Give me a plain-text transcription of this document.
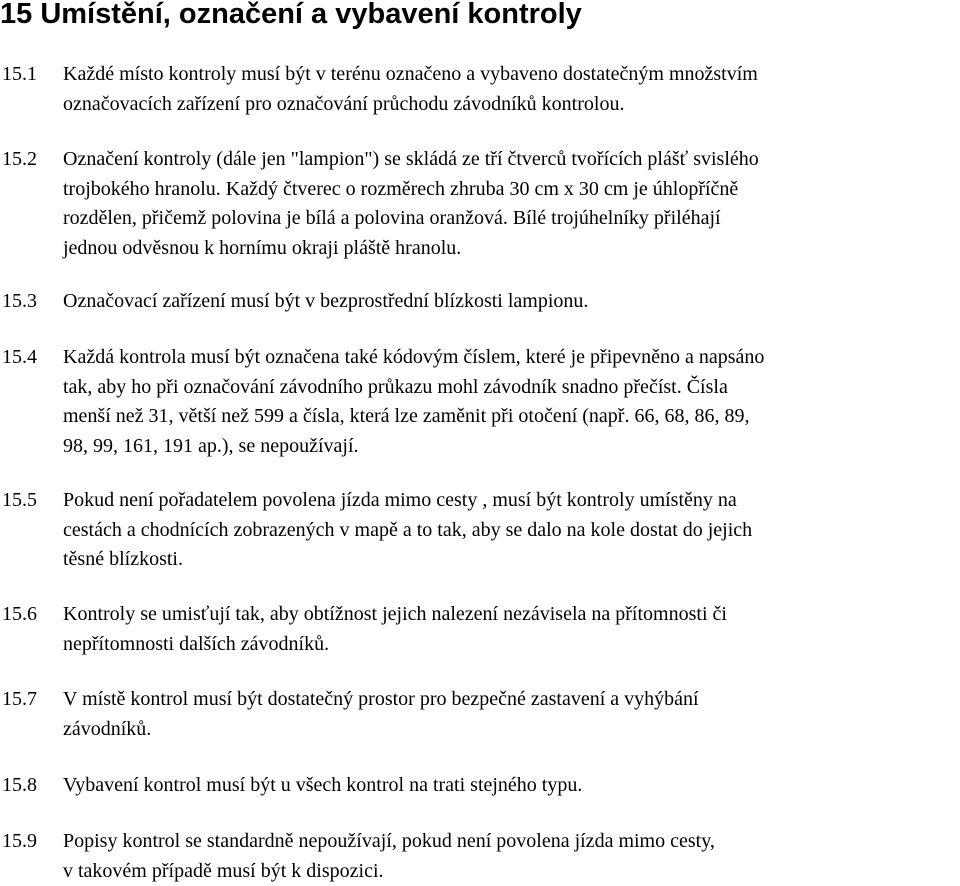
15 Umístění, označení a vybavení kontroly
15.1 Každé místo kontroly musí být v terénu označeno a vybaveno dostatečným množstvím
označovacích zařízení pro označování průchodu závodníků kontrolou.
15.2 Označení kontroly (dále jen "lampion") se skládá ze tří čtverců tvořících plášť svislého
trojbokého hranolu. Každý čtverec o rozměrech zhruba 30 cm x 30 cm je úhlopříčně
rozdělen, přičemž polovina je bílá a polovina oranžová. Bílé trojúhelníky přiléhají
jednou odvěsnou k hornímu okraji pláště hranolu.
15.3 Označovací zařízení musí být v bezprostřední blízkosti lampionu.
15.4 Každá kontrola musí být označena také kódovým číslem, které je připevněno a napsáno
tak, aby ho při označování závodního průkazu mohl závodník snadno přečíst. Čísla
menší než 31, větší než 599 a čísla, která lze zaměnit při otočení (např. 66, 68, 86, 89,
98, 99, 161, 191 ap.), se nepoužívají.
15.5 Pokud není pořadatelem povolena jízda mimo cesty , musí být kontroly umístěny na
cestách a chodnících zobrazených v mapě a to tak, aby se dalo na kole dostat do jejich
těsné blízkosti.
15.6 Kontroly se umisťují tak, aby obtížnost jejich nalezení nezávisela na přítomnosti či
nepřítomnosti dalších závodníků.
15.7 V místě kontrol musí být dostatečný prostor pro bezpečné zastavení a vyhýbání
závodníků.
15.8 Vybavení kontrol musí být u všech kontrol na trati stejného typu.
15.9 Popisy kontrol se standardně nepoužívají, pokud není povolena jízda mimo cesty,
v takovém případě musí být k dispozici.
